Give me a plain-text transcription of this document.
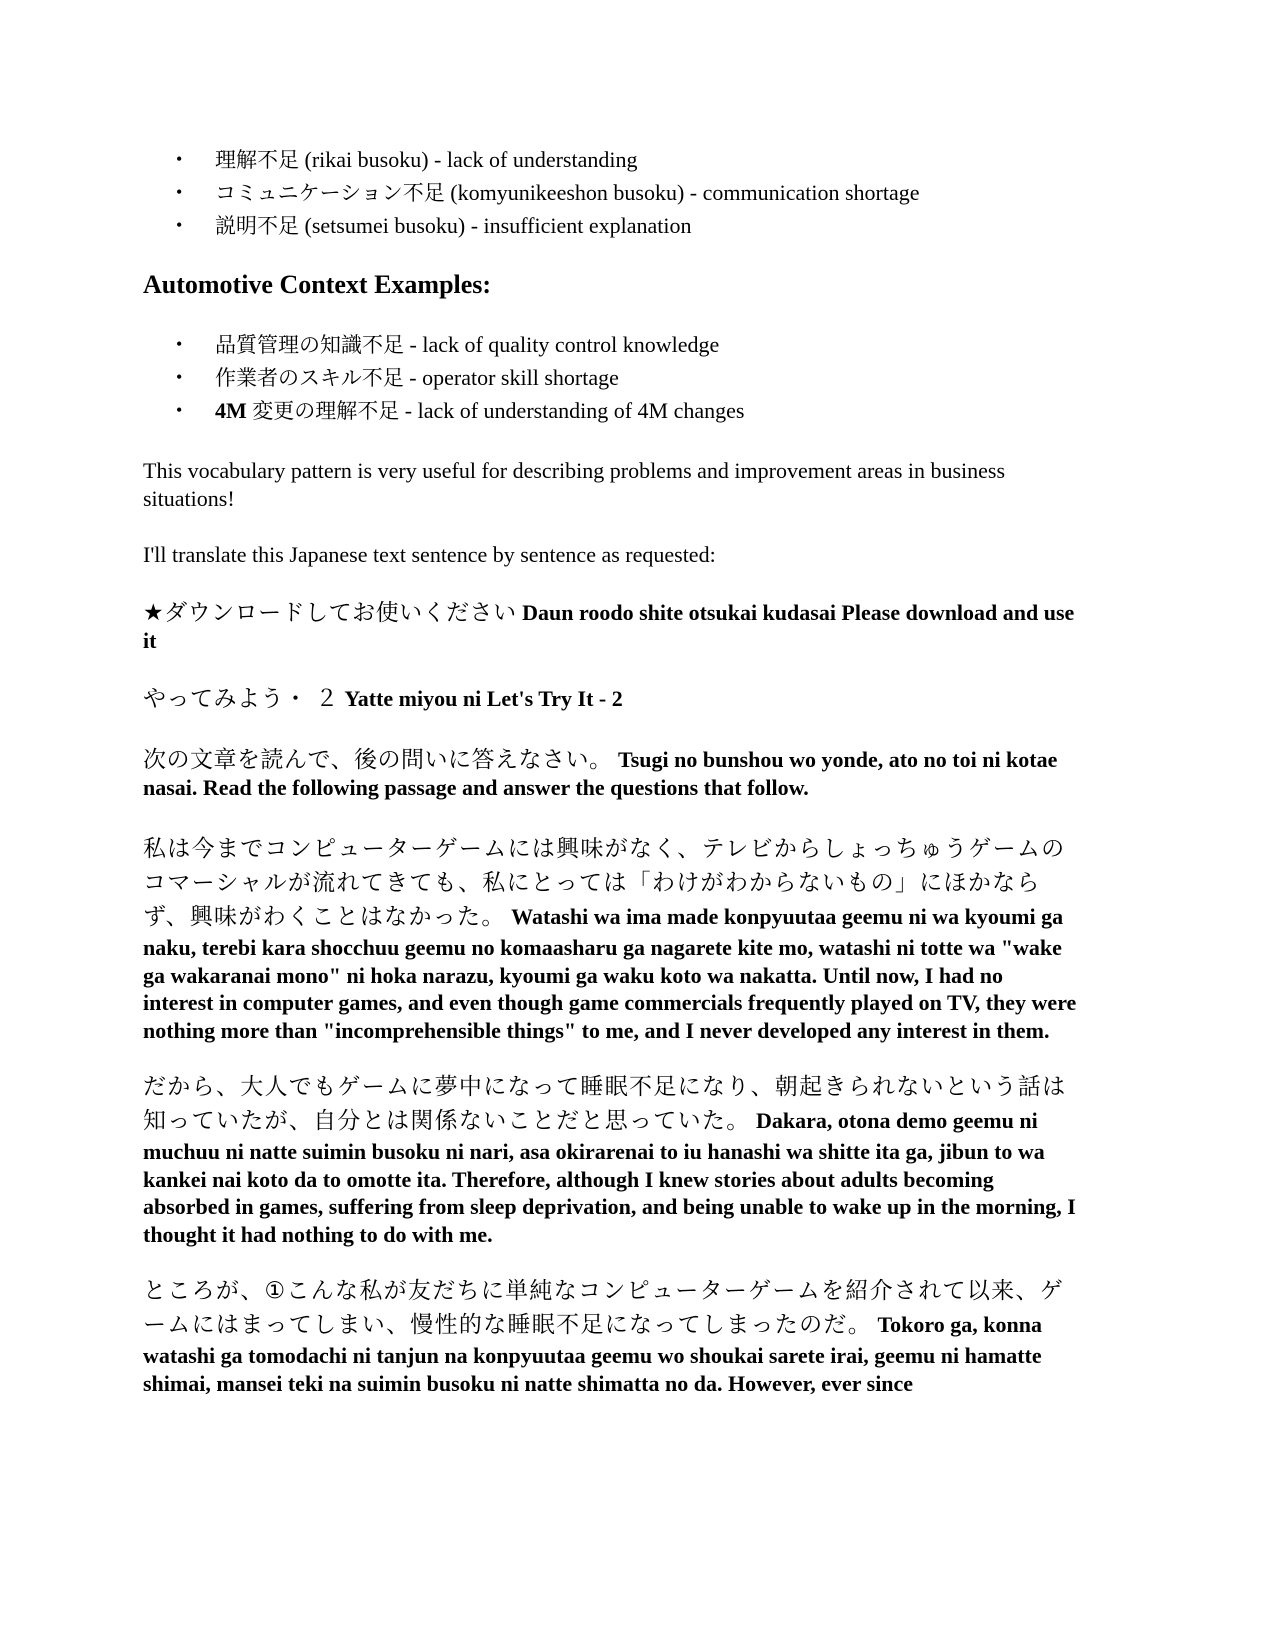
• 理解不足 (rikai busoku) - lack of understanding
• コミュニケーション不足 (komyunikeeshon busoku) - communication shortage
• 説明不足 (setsumei busoku) - insufficient explanation
Automotive Context Examples:
• 品質管理の知識不足 - lack of quality control knowledge
• 作業者のスキル不足 - operator skill shortage
• 4M 変更の理解不足 - lack of understanding of 4M changes

This vocabulary pattern is very useful for describing problems and improvement areas in business situations!

I'll translate this Japanese text sentence by sentence as requested:

★ダウンロードしてお使いください Daun roodo shite otsukai kudasai Please download and use it

やってみよう・ ２ Yatte miyou ni Let's Try It - 2

次の文章を読んで、後の問いに答えなさい。 Tsugi no bunshou wo yonde, ato no toi ni kotae nasai. Read the following passage and answer the questions that follow.

私は今までコンピューターゲームには興味がなく、テレビからしょっちゅうゲームのコマーシャルが流れてきても、私にとっては「わけがわからないもの」にほかならず、興味がわくことはなかった。 Watashi wa ima made konpyuutaa geemu ni wa kyoumi ga naku, terebi kara shocchuu geemu no komaasharu ga nagarete kite mo, watashi ni totte wa "wake ga wakaranai mono" ni hoka narazu, kyoumi ga waku koto wa nakatta. Until now, I had no interest in computer games, and even though game commercials frequently played on TV, they were nothing more than "incomprehensible things" to me, and I never developed any interest in them.

だから、大人でもゲームに夢中になって睡眠不足になり、朝起きられないという話は知っていたが、自分とは関係ないことだと思っていた。 Dakara, otona demo geemu ni muchuu ni natte suimin busoku ni nari, asa okirarenai to iu hanashi wa shitte ita ga, jibun to wa kankei nai koto da to omotte ita. Therefore, although I knew stories about adults becoming absorbed in games, suffering from sleep deprivation, and being unable to wake up in the morning, I thought it had nothing to do with me.

ところが、①こんな私が友だちに単純なコンピューターゲームを紹介されて以来、ゲームにはまってしまい、慢性的な睡眠不足になってしまったのだ。 Tokoro ga, konna watashi ga tomodachi ni tanjun na konpyuutaa geemu wo shoukai sarete irai, geemu ni hamatte shimai, mansei teki na suimin busoku ni natte shimatta no da. However, ever since
